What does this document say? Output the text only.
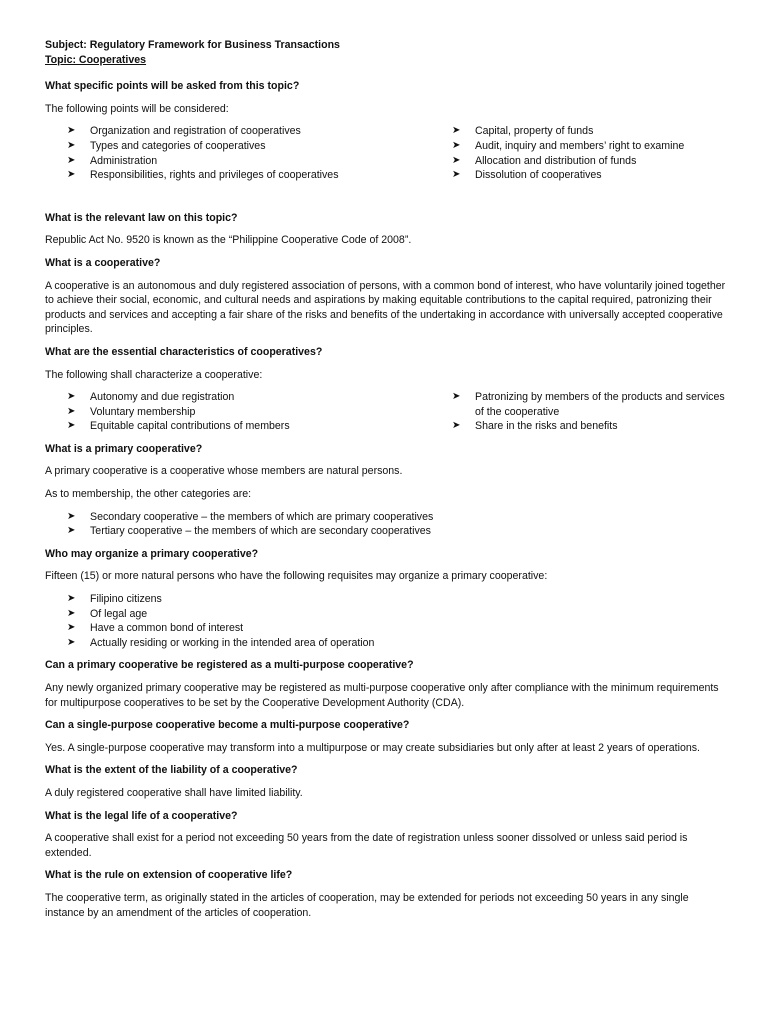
Subject: Regulatory Framework for Business Transactions
Topic: Cooperatives
What specific points will be asked from this topic?

The following points will be considered:

➤ Organization and registration of cooperatives
➤ Types and categories of cooperatives
➤ Administration
➤ Responsibilities, rights and privileges of cooperatives
➤ Capital, property of funds
➤ Audit, inquiry and members’ right to examine
➤ Allocation and distribution of funds
➤ Dissolution of cooperatives
What is the relevant law on this topic?

Republic Act No. 9520 is known as the “Philippine Cooperative Code of 2008”.

What is a cooperative?

A cooperative is an autonomous and duly registered association of persons, with a common bond of interest, who have voluntarily joined together to achieve their social, economic, and cultural needs and aspirations by making equitable contributions to the capital required, patronizing their products and services and accepting a fair share of the risks and benefits of the undertaking in accordance with universally accepted cooperative principles.

What are the essential characteristics of cooperatives?

The following shall characterize a cooperative:

➤ Autonomy and due registration
➤ Voluntary membership
➤ Equitable capital contributions of members
➤ Patronizing by members of the products and services of the cooperative
➤ Share in the risks and benefits
What is a primary cooperative?

A primary cooperative is a cooperative whose members are natural persons.

As to membership, the other categories are:

➤ Secondary cooperative – the members of which are primary cooperatives
➤ Tertiary cooperative – the members of which are secondary cooperatives
Who may organize a primary cooperative?

Fifteen (15) or more natural persons who have the following requisites may organize a primary cooperative:

➤ Filipino citizens
➤ Of legal age
➤ Have a common bond of interest
➤ Actually residing or working in the intended area of operation
Can a primary cooperative be registered as a multi-purpose cooperative?

Any newly organized primary cooperative may be registered as multi-purpose cooperative only after compliance with the minimum requirements for multipurpose cooperatives to be set by the Cooperative Development Authority (CDA).

Can a single-purpose cooperative become a multi-purpose cooperative?

Yes. A single-purpose cooperative may transform into a multipurpose or may create subsidiaries but only after at least 2 years of operations.

What is the extent of the liability of a cooperative?

A duly registered cooperative shall have limited liability.

What is the legal life of a cooperative?

A cooperative shall exist for a period not exceeding 50 years from the date of registration unless sooner dissolved or unless said period is extended.

What is the rule on extension of cooperative life?

The cooperative term, as originally stated in the articles of cooperation, may be extended for periods not exceeding 50 years in any single instance by an amendment of the articles of cooperation.
